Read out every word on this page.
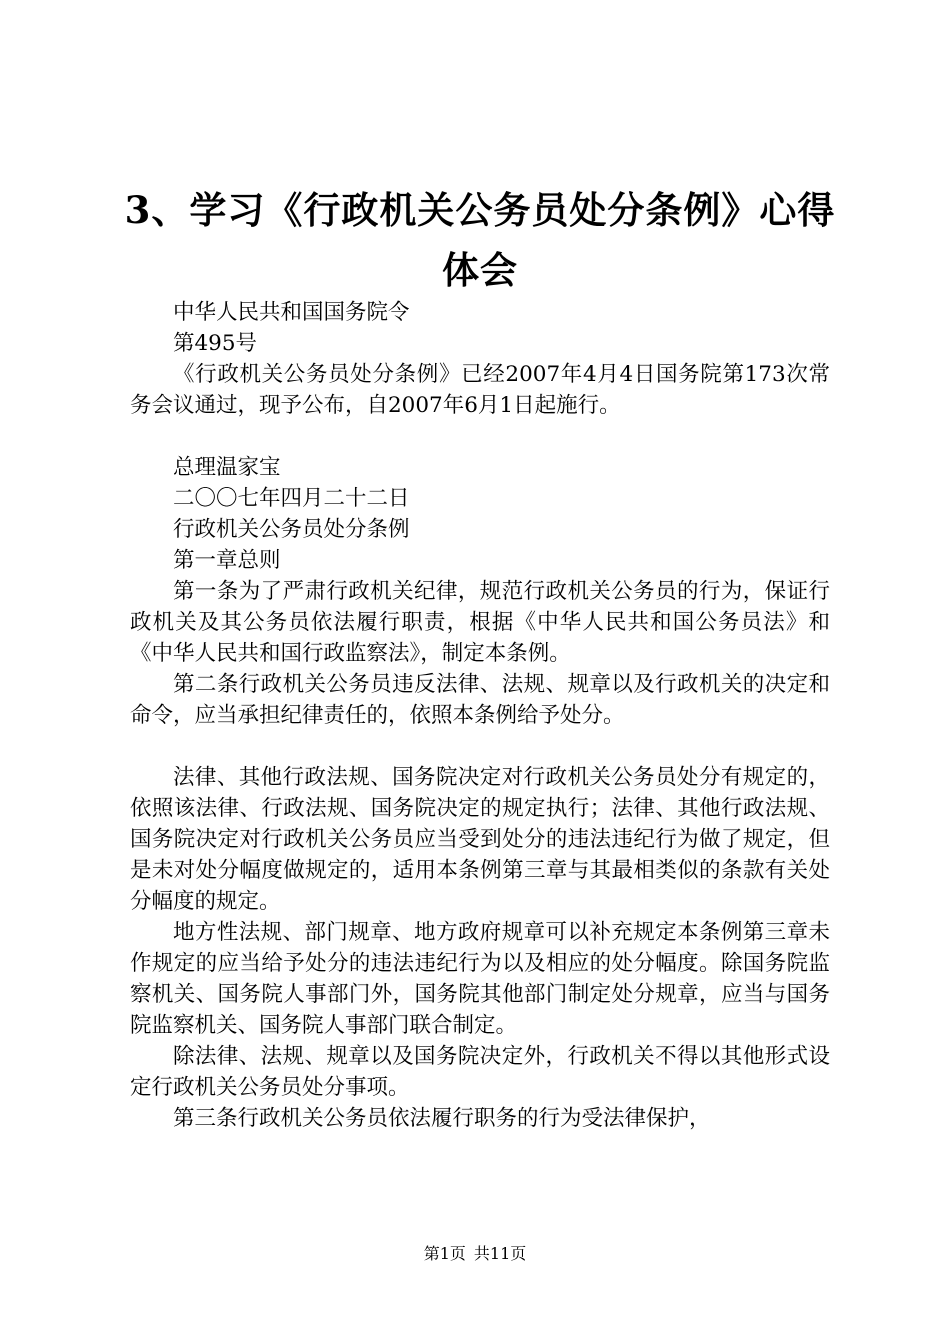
3、学习《行政机关公务员处分条例》心得体会

中华人民共和国国务院令

第495号

《行政机关公务员处分条例》已经2007年4月4日国务院第173次常务会议通过，现予公布，自2007年6月1日起施行。

总理温家宝

二〇〇七年四月二十二日

行政机关公务员处分条例

第一章总则

第一条为了严肃行政机关纪律，规范行政机关公务员的行为，保证行政机关及其公务员依法履行职责，根据《中华人民共和国公务员法》和《中华人民共和国行政监察法》，制定本条例。

第二条行政机关公务员违反法律、法规、规章以及行政机关的决定和命令，应当承担纪律责任的，依照本条例给予处分。

法律、其他行政法规、国务院决定对行政机关公务员处分有规定的，依照该法律、行政法规、国务院决定的规定执行；法律、其他行政法规、国务院决定对行政机关公务员应当受到处分的违法违纪行为做了规定，但是未对处分幅度做规定的，适用本条例第三章与其最相类似的条款有关处分幅度的规定。

地方性法规、部门规章、地方政府规章可以补充规定本条例第三章未作规定的应当给予处分的违法违纪行为以及相应的处分幅度。除国务院监察机关、国务院人事部门外，国务院其他部门制定处分规章，应当与国务院监察机关、国务院人事部门联合制定。

除法律、法规、规章以及国务院决定外，行政机关不得以其他形式设定行政机关公务员处分事项。

第三条行政机关公务员依法履行职务的行为受法律保护，

第1页 共11页
